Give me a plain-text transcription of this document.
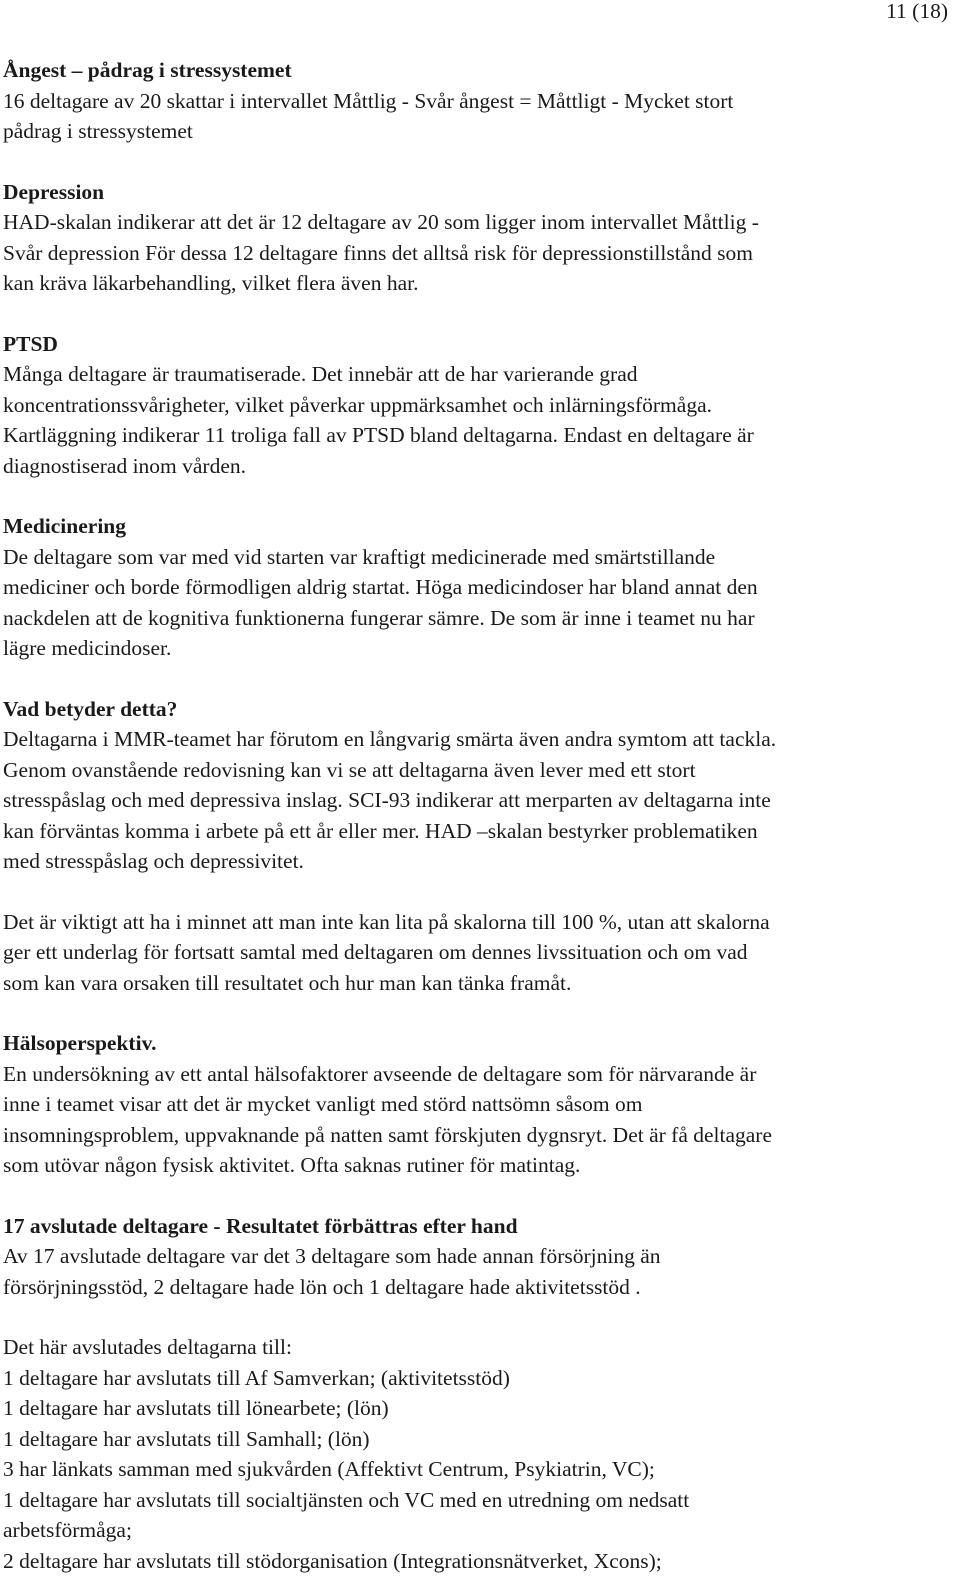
11 (18)
Ångest – pådrag i stressystemet

16 deltagare av 20 skattar i intervallet Måttlig - Svår ångest = Måttligt - Mycket stort
pådrag i stressystemet

Depression

HAD-skalan indikerar att det är 12 deltagare av 20 som ligger inom intervallet Måttlig -
Svår depression För dessa 12 deltagare finns det alltså risk för depressionstillstånd som
kan kräva läkarbehandling, vilket flera även har.

PTSD

Många deltagare är traumatiserade. Det innebär att de har varierande grad
koncentrationssvårigheter, vilket påverkar uppmärksamhet och inlärningsförmåga.
Kartläggning indikerar 11 troliga fall av PTSD bland deltagarna. Endast en deltagare är
diagnostiserad inom vården.

Medicinering

De deltagare som var med vid starten var kraftigt medicinerade med smärtstillande
mediciner och borde förmodligen aldrig startat. Höga medicindoser har bland annat den
nackdelen att de kognitiva funktionerna fungerar sämre. De som är inne i teamet nu har
lägre medicindoser.

Vad betyder detta?

Deltagarna i MMR-teamet har förutom en långvarig smärta även andra symtom att tackla.
Genom ovanstående redovisning kan vi se att deltagarna även lever med ett stort
stresspåslag och med depressiva inslag. SCI-93 indikerar att merparten av deltagarna inte
kan förväntas komma i arbete på ett år eller mer. HAD –skalan bestyrker problematiken
med stresspåslag och depressivitet.

Det är viktigt att ha i minnet att man inte kan lita på skalorna till 100 %, utan att skalorna
ger ett underlag för fortsatt samtal med deltagaren om dennes livssituation och om vad
som kan vara orsaken till resultatet och hur man kan tänka framåt.

Hälsoperspektiv.

En undersökning av ett antal hälsofaktorer avseende de deltagare som för närvarande är
inne i teamet visar att det är mycket vanligt med störd nattsömn såsom om
insomningsproblem, uppvaknande på natten samt förskjuten dygnsryt. Det är få deltagare
som utövar någon fysisk aktivitet. Ofta saknas rutiner för matintag.

17 avslutade deltagare - Resultatet förbättras efter hand

Av 17 avslutade deltagare var det 3 deltagare som hade annan försörjning än
försörjningsstöd, 2 deltagare hade lön och 1 deltagare hade aktivitetsstöd .

Det här avslutades deltagarna till:

1 deltagare har avslutats till Af Samverkan; (aktivitetsstöd)
1 deltagare har avslutats till lönearbete; (lön)
1 deltagare har avslutats till Samhall; (lön)
3 har länkats samman med sjukvården (Affektivt Centrum, Psykiatrin, VC);
1 deltagare har avslutats till socialtjänsten och VC med en utredning om nedsatt
arbetsförmåga;
2 deltagare har avslutats till stödorganisation (Integrationsnätverket, Xcons);
